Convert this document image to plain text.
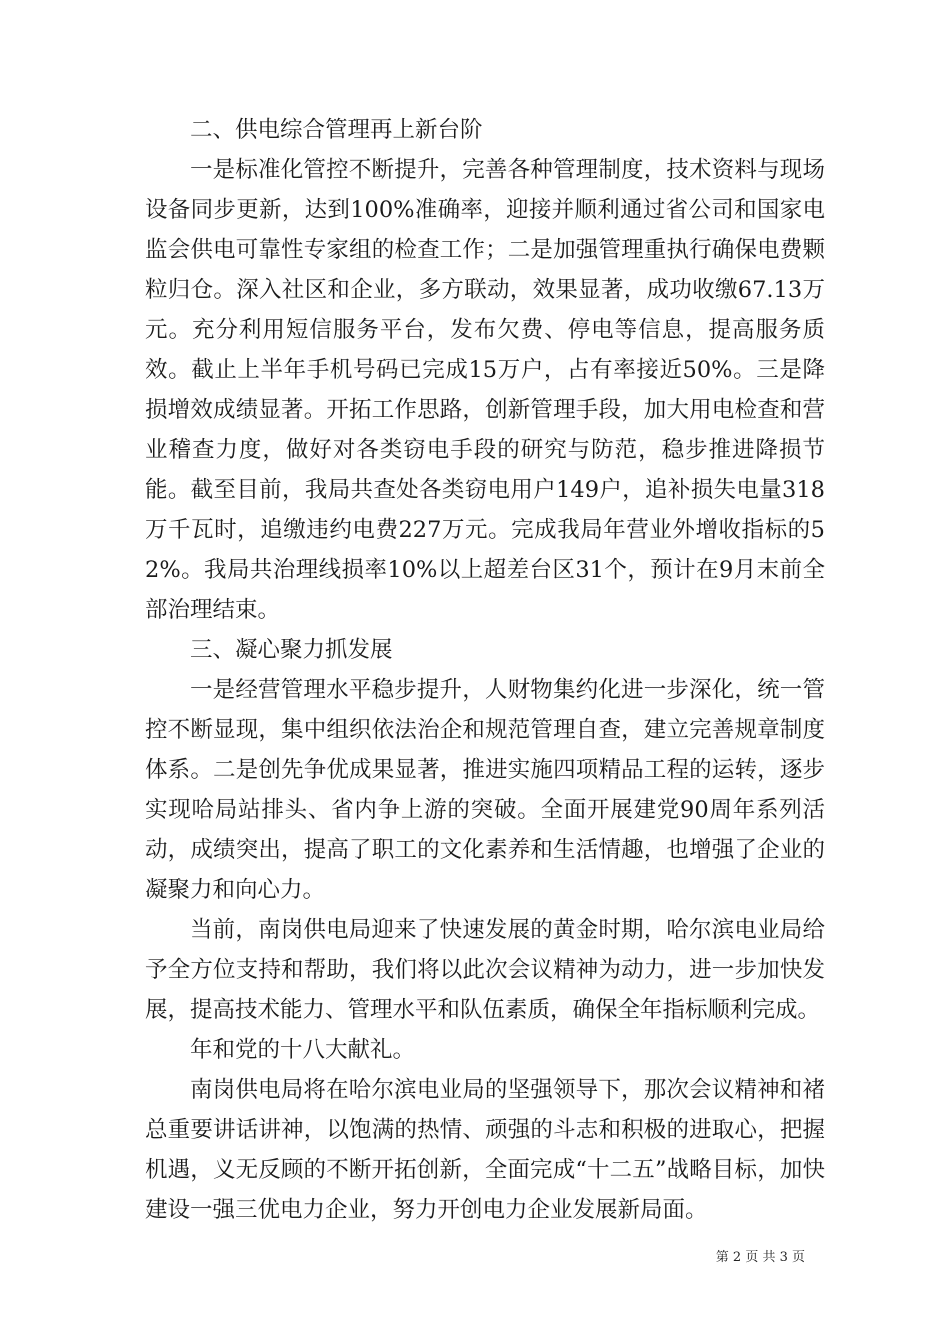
二、供电综合管理再上新台阶

一是标准化管控不断提升，完善各种管理制度，技术资料与现场设备同步更新，达到100%准确率，迎接并顺利通过省公司和国家电监会供电可靠性专家组的检查工作；二是加强管理重执行确保电费颗粒归仓。深入社区和企业，多方联动，效果显著，成功收缴67.13万元。充分利用短信服务平台，发布欠费、停电等信息，提高服务质效。截止上半年手机号码已完成15万户，占有率接近50%。三是降损增效成绩显著。开拓工作思路，创新管理手段，加大用电检查和营业稽查力度，做好对各类窃电手段的研究与防范，稳步推进降损节能。截至目前，我局共查处各类窃电用户149户，追补损失电量318万千瓦时，追缴违约电费227万元。完成我局年营业外增收指标的52%。我局共治理线损率10%以上超差台区31个，预计在9月末前全部治理结束。

三、凝心聚力抓发展

一是经营管理水平稳步提升，人财物集约化进一步深化，统一管控不断显现，集中组织依法治企和规范管理自查，建立完善规章制度体系。二是创先争优成果显著，推进实施四项精品工程的运转，逐步实现哈局站排头、省内争上游的突破。全面开展建党90周年系列活动，成绩突出，提高了职工的文化素养和生活情趣，也增强了企业的凝聚力和向心力。

当前，南岗供电局迎来了快速发展的黄金时期，哈尔滨电业局给予全方位支持和帮助，我们将以此次会议精神为动力，进一步加快发展，提高技术能力、管理水平和队伍素质，确保全年指标顺利完成。

年和党的十八大献礼。

南岗供电局将在哈尔滨电业局的坚强领导下，那次会议精神和褚总重要讲话讲神，以饱满的热情、顽强的斗志和积极的进取心，把握机遇，义无反顾的不断开拓创新，全面完成“十二五”战略目标，加快建设一强三优电力企业，努力开创电力企业发展新局面。

第 2 页 共 3 页
